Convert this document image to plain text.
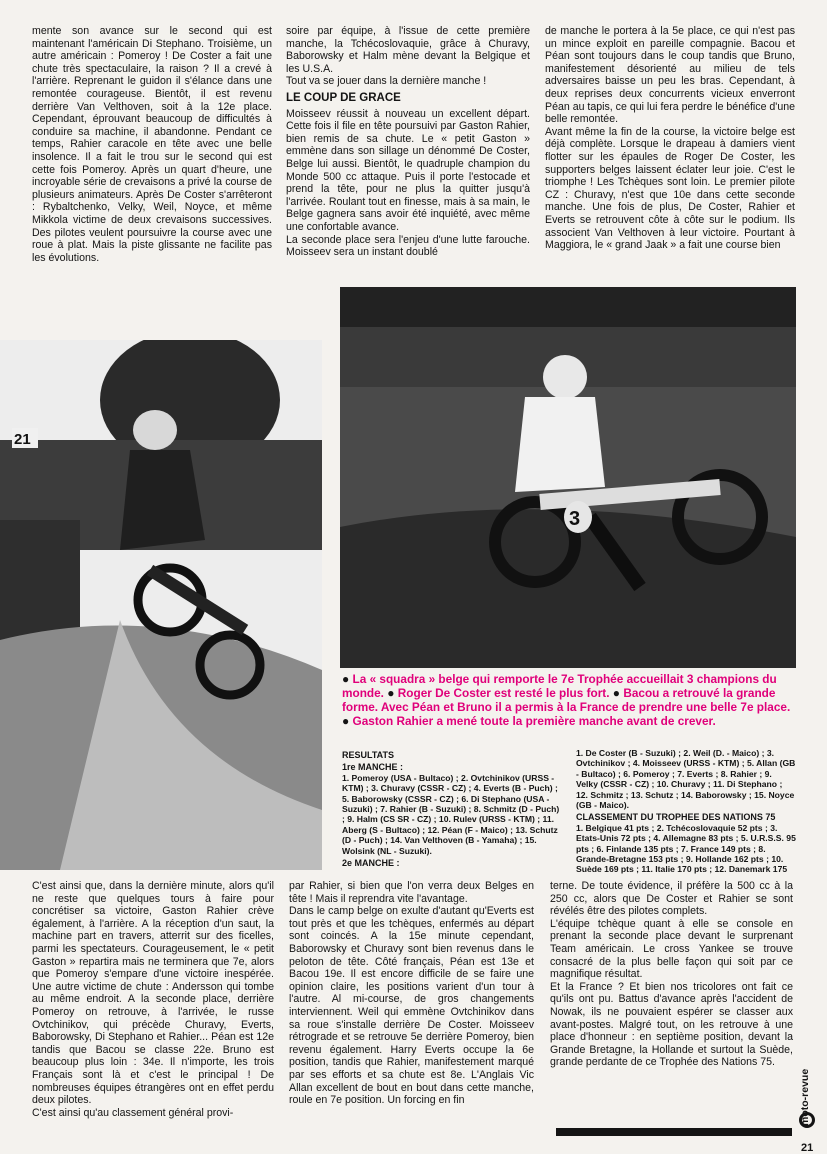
mente son avance sur le second qui est maintenant l'américain Di Stephano. Troisième, un autre américain : Pomeroy ! De Coster a fait une chute très spectaculaire, la raison ? Il a crevé à l'arrière. Reprenant le guidon il s'élance dans une remontée courageuse. Bientôt, il est revenu derrière Van Velthoven, soit à la 12e place. Cependant, éprouvant beaucoup de difficultés à conduire sa machine, il abandonne. Pendant ce temps, Rahier caracole en tête avec une belle insolence. Il a fait le trou sur le second qui est cette fois Pomeroy. Après un quart d'heure, une incroyable série de crevaisons a privé la course de plusieurs animateurs. Après De Coster s'arrêteront : Rybaltchenko, Velky, Weil, Noyce, et même Mikkola victime de deux crevaisons successives. Des pilotes veulent poursuivre la course avec une roue à plat. Mais la piste glissante ne facilite pas les évolutions.

soire par équipe, à l'issue de cette première manche, la Tchécoslovaquie, grâce à Churavy, Baborowsky et Halm mène devant la Belgique et les U.S.A.

Tout va se jouer dans la dernière manche !

LE COUP DE GRACE

Moisseev réussit à nouveau un excellent départ. Cette fois il file en tête poursuivi par Gaston Rahier, bien remis de sa chute. Le « petit Gaston » emmène dans son sillage un dénommé De Coster, Belge lui aussi. Bientôt, le quadruple champion du Monde 500 cc attaque. Puis il porte l'estocade et prend la tête, pour ne plus la quitter jusqu'à l'arrivée. Roulant tout en finesse, mais à sa main, le Belge gagnera sans avoir été inquiété, avec même une confortable avance.

La seconde place sera l'enjeu d'une lutte farouche. Moisseev sera un instant doublé

de manche le portera à la 5e place, ce qui n'est pas un mince exploit en pareille compagnie. Bacou et Péan sont toujours dans le coup tandis que Bruno, manifestement désorienté au milieu de tels adversaires baisse un peu les bras. Cependant, à deux reprises deux concurrents vicieux enverront Péan au tapis, ce qui lui fera perdre le bénéfice d'une belle remontée.

Avant même la fin de la course, la victoire belge est déjà complète. Lorsque le drapeau à damiers vient flotter sur les épaules de Roger De Coster, les supporters belges laissent éclater leur joie. C'est le triomphe ! Les Tchèques sont loin. Le premier pilote CZ : Churavy, n'est que 10e dans cette seconde manche. Une fois de plus, De Coster, Rahier et Everts se retrouvent côte à côte sur le podium. Ils associent Van Velthoven à leur victoire. Pourtant à Maggiora, le « grand Jaak » a fait une course bien

21
3
● La « squadra » belge qui remporte le 7e Trophée accueillait 3 champions du monde. ● Roger De Coster est resté le plus fort. ● Bacou a retrouvé la grande forme. Avec Péan et Bruno il a permis à la France de prendre une belle 7e place. ● Gaston Rahier a mené toute la première manche avant de crever.

RESULTATS

1re MANCHE :

1. Pomeroy (USA - Bultaco) ; 2. Ovtchinikov (URSS - KTM) ; 3. Churavy (CSSR - CZ) ; 4. Everts (B - Puch) ; 5. Baborowsky (CSSR - CZ) ; 6. Di Stephano (USA - Suzuki) ; 7. Rahier (B - Suzuki) ; 8. Schmitz (D - Puch) ; 9. Halm (CS SR - CZ) ; 10. Rulev (URSS - KTM) ; 11. Aberg (S - Bultaco) ; 12. Péan (F - Maico) ; 13. Schutz (D - Puch) ; 14. Van Velthoven (B - Yamaha) ; 15. Wolsink (NL - Suzuki).

2e MANCHE :

1. De Coster (B - Suzuki) ; 2. Weil (D. - Maico) ; 3. Ovtchinikov ; 4. Moisseev (URSS - KTM) ; 5. Allan (GB - Bultaco) ; 6. Pomeroy ; 7. Everts ; 8. Rahier ; 9. Velky (CSSR - CZ) ; 10. Churavy ; 11. Di Stephano ; 12. Schmitz ; 13. Schutz ; 14. Baborowsky ; 15. Noyce (GB - Maico).

CLASSEMENT DU TROPHEE DES NATIONS 75

1. Belgique 41 pts ; 2. Tchécoslovaquie 52 pts ; 3. Etats-Unis 72 pts ; 4. Allemagne 83 pts ; 5. U.R.S.S. 95 pts ; 6. Finlande 135 pts ; 7. France 149 pts ; 8. Grande-Bretagne 153 pts ; 9. Hollande 162 pts ; 10. Suède 169 pts ; 11. Italie 170 pts ; 12. Danemark 175

C'est ainsi que, dans la dernière minute, alors qu'il ne reste que quelques tours à faire pour concrétiser sa victoire, Gaston Rahier crève également, à l'arrière. A la réception d'un saut, la machine part en travers, atterrit sur des ficelles, parmi les spectateurs. Courageusement, le « petit Gaston » repartira mais ne terminera que 7e, alors que Pomeroy s'empare d'une victoire inespérée. Une autre victime de chute : Andersson qui tombe au même endroit. A la seconde place, derrière Pomeroy on retrouve, à l'arrivée, le russe Ovtchinikov, qui précède Churavy, Everts, Baborowsky, Di Stephano et Rahier... Péan est 12e tandis que Bacou se classe 22e. Bruno est beaucoup plus loin : 34e. Il n'importe, les trois Français sont là et c'est le principal ! De nombreuses équipes étrangères ont en effet perdu deux pilotes.

C'est ainsi qu'au classement général provi-

par Rahier, si bien que l'on verra deux Belges en tête ! Mais il reprendra vite l'avantage.

Dans le camp belge on exulte d'autant qu'Everts est tout près et que les tchèques, enfermés au départ sont coincés. A la 15e minute cependant, Baborowsky et Churavy sont bien revenus dans le peloton de tête. Côté français, Péan est 13e et Bacou 19e. Il est encore difficile de se faire une opinion claire, les positions varient d'un tour à l'autre. Al mi-course, de gros changements interviennent. Weil qui emmène Ovtchinikov dans sa roue s'installe derrière De Coster. Moisseev rétrograde et se retrouve 5e derrière Pomeroy, bien revenu également. Harry Everts occupe la 6e position, tandis que Rahier, manifestement marqué par ses efforts et sa chute est 8e. L'Anglais Vic Allan excellent de bout en bout dans cette manche, roule en 7e position. Un forcing en fin

terne. De toute évidence, il préfère la 500 cc à la 250 cc, alors que De Coster et Rahier se sont révélés être des pilotes complets.

L'équipe tchèque quant à elle se console en prenant la seconde place devant le surprenant Team américain. Le cross Yankee se trouve consacré de la plus belle façon qui soit par ce magnifique résultat.

Et la France ? Et bien nos tricolores ont fait ce qu'ils ont pu. Battus d'avance après l'accident de Nowak, ils ne pouvaient espérer se classer aux avant-postes. Malgré tout, on les retrouve à une place d'honneur : en septième position, devant la Grande Bretagne, la Hollande et surtout la Suède, grande perdante de ce Trophée des Nations 75.

moto-revue
21
